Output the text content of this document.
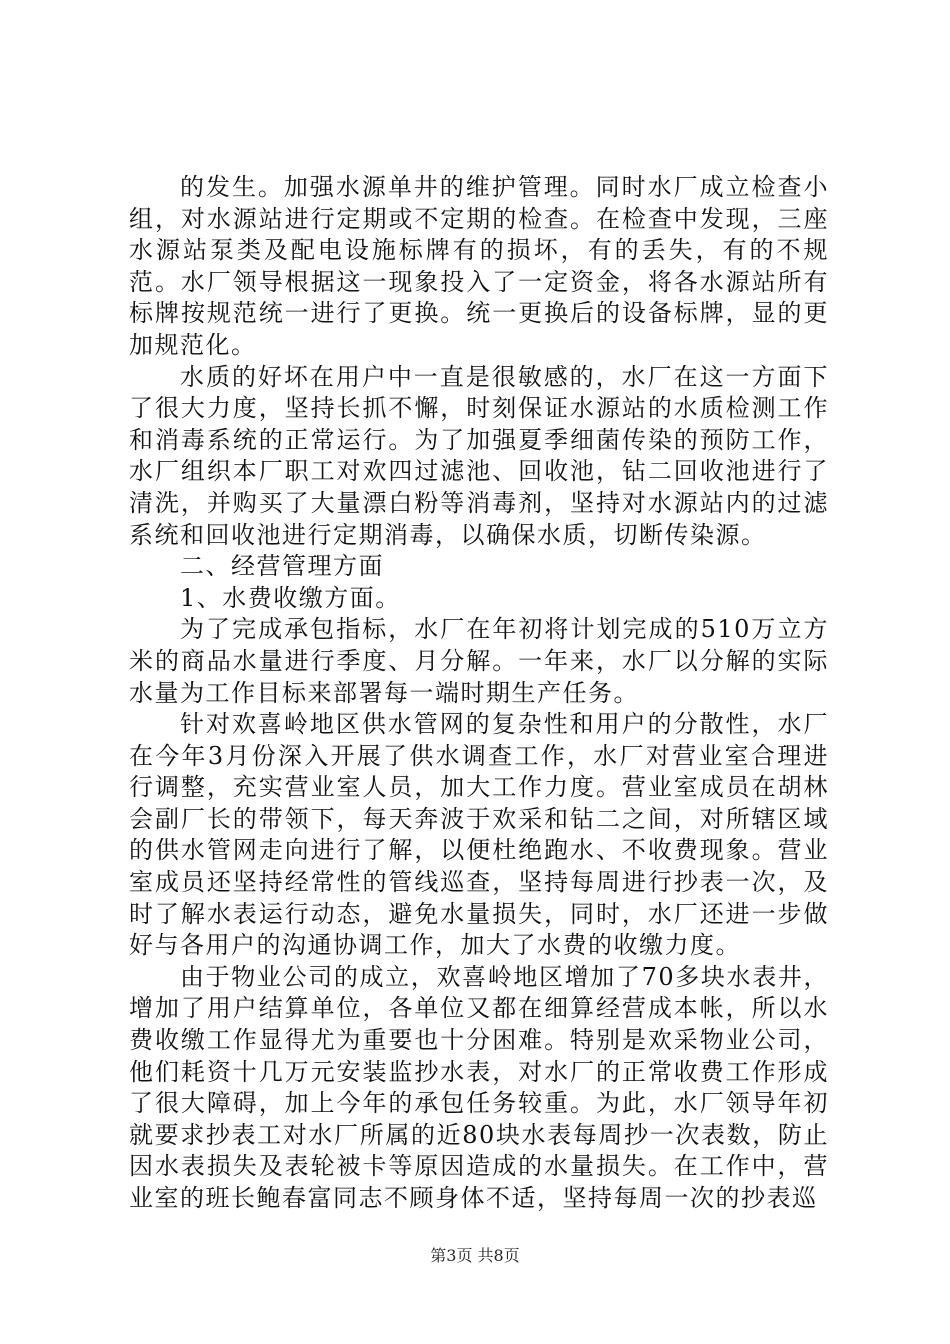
的发生。加强水源单井的维护管理。同时水厂成立检查小组，对水源站进行定期或不定期的检查。在检查中发现，三座水源站泵类及配电设施标牌有的损坏，有的丢失，有的不规范。水厂领导根据这一现象投入了一定资金，将各水源站所有标牌按规范统一进行了更换。统一更换后的设备标牌，显的更加规范化。

水质的好坏在用户中一直是很敏感的，水厂在这一方面下了很大力度，坚持长抓不懈，时刻保证水源站的水质检测工作和消毒系统的正常运行。为了加强夏季细菌传染的预防工作，水厂组织本厂职工对欢四过滤池、回收池，钻二回收池进行了清洗，并购买了大量漂白粉等消毒剂，坚持对水源站内的过滤系统和回收池进行定期消毒，以确保水质，切断传染源。

二、经营管理方面

1、水费收缴方面。

为了完成承包指标，水厂在年初将计划完成的510万立方米的商品水量进行季度、月分解。一年来，水厂以分解的实际水量为工作目标来部署每一端时期生产任务。

针对欢喜岭地区供水管网的复杂性和用户的分散性，水厂在今年3月份深入开展了供水调查工作，水厂对营业室合理进行调整，充实营业室人员，加大工作力度。营业室成员在胡林会副厂长的带领下，每天奔波于欢采和钻二之间，对所辖区域的供水管网走向进行了解，以便杜绝跑水、不收费现象。营业室成员还坚持经常性的管线巡查，坚持每周进行抄表一次，及时了解水表运行动态，避免水量损失，同时，水厂还进一步做好与各用户的沟通协调工作，加大了水费的收缴力度。

由于物业公司的成立，欢喜岭地区增加了70多块水表井，增加了用户结算单位，各单位又都在细算经营成本帐，所以水费收缴工作显得尤为重要也十分困难。特别是欢采物业公司，他们耗资十几万元安装监抄水表，对水厂的正常收费工作形成了很大障碍，加上今年的承包任务较重。为此，水厂领导年初就要求抄表工对水厂所属的近80块水表每周抄一次表数，防止因水表损失及表轮被卡等原因造成的水量损失。在工作中，营业室的班长鲍春富同志不顾身体不适，坚持每周一次的抄表巡

第3页 共8页
